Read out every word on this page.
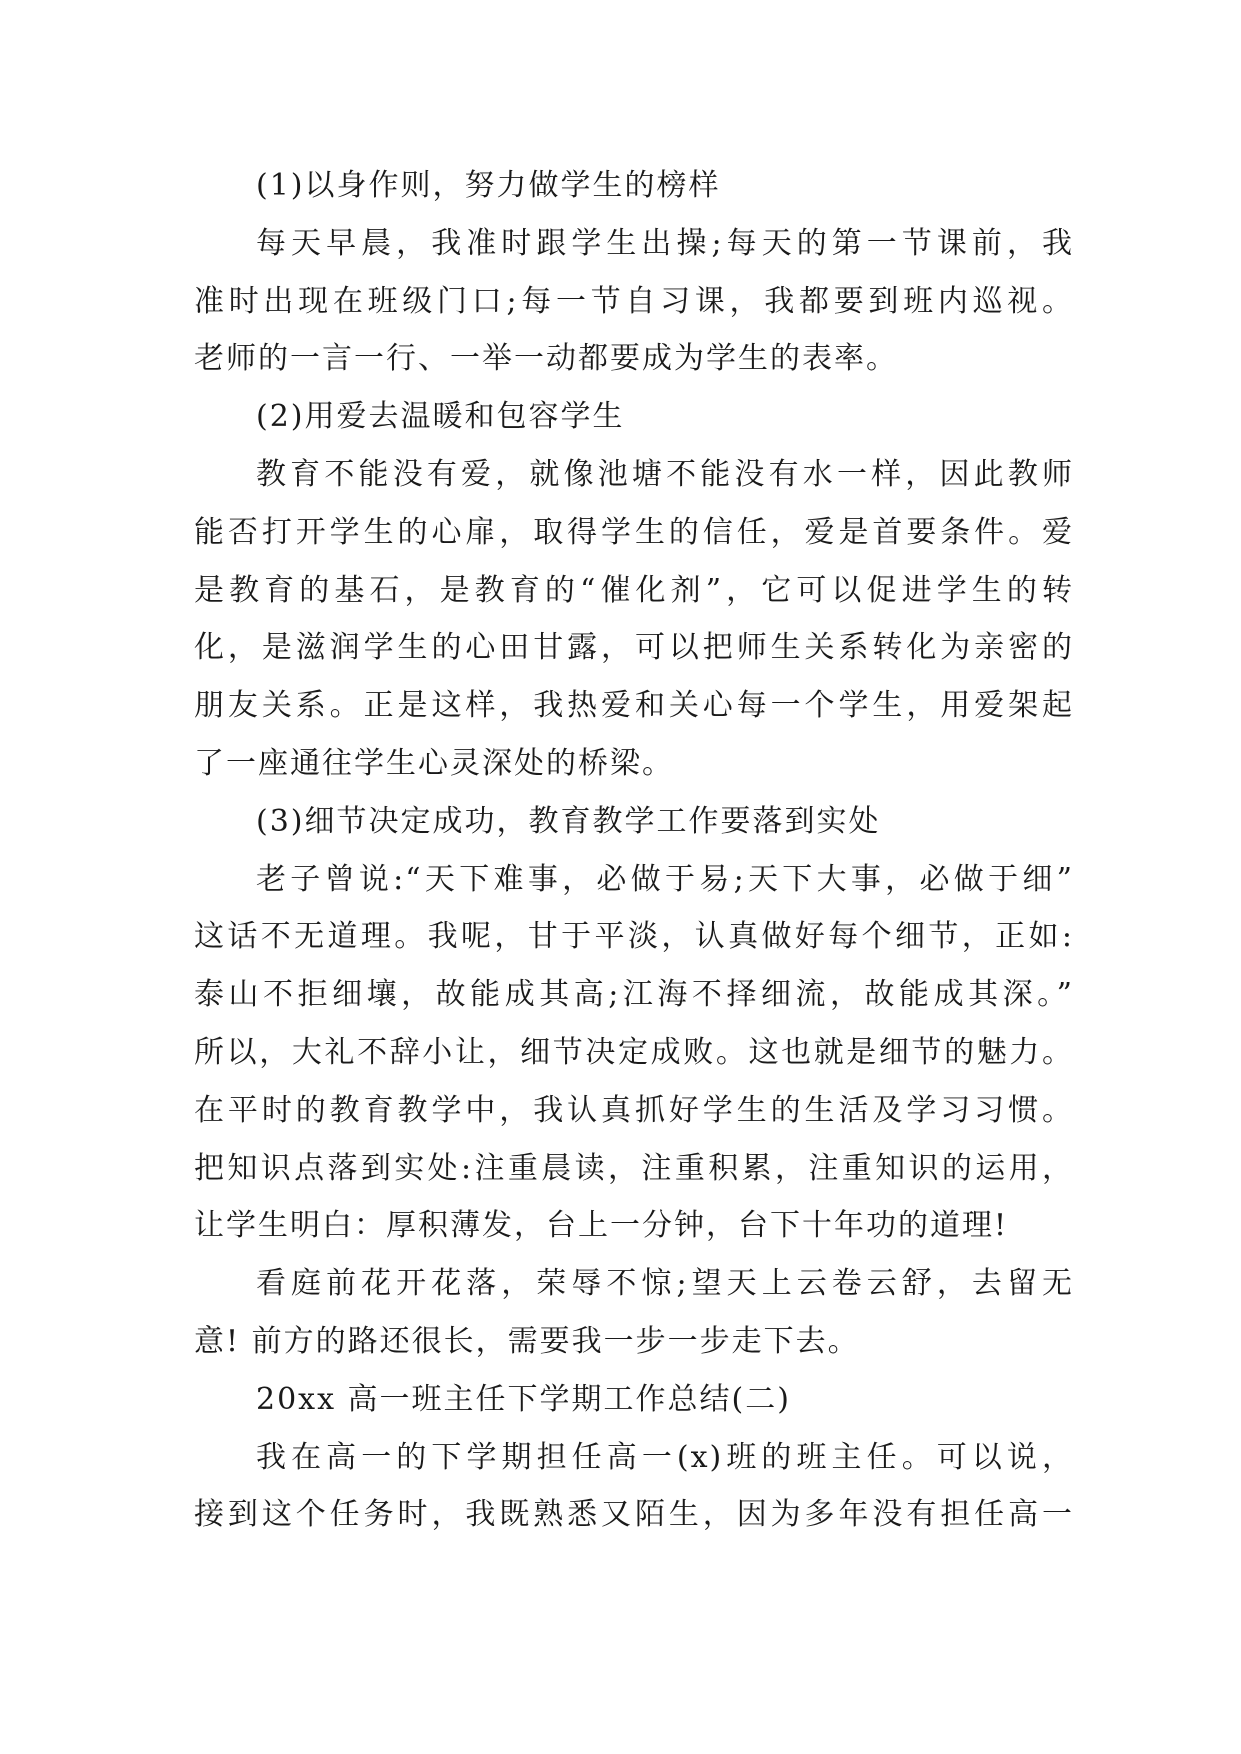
(1)以身作则，努力做学生的榜样
每天早晨，我准时跟学生出操;每天的第一节课前，我
准时出现在班级门口;每一节自习课，我都要到班内巡视。
老师的一言一行、一举一动都要成为学生的表率。
(2)用爱去温暖和包容学生
教育不能没有爱，就像池塘不能没有水一样，因此教师
能否打开学生的心扉，取得学生的信任，爱是首要条件。爱
是教育的基石，是教育的“催化剂”，它可以促进学生的转
化，是滋润学生的心田甘露，可以把师生关系转化为亲密的
朋友关系。正是这样，我热爱和关心每一个学生，用爱架起
了一座通往学生心灵深处的桥梁。
(3)细节决定成功，教育教学工作要落到实处
老子曾说:“天下难事，必做于易;天下大事，必做于细”
这话不无道理。我呢，甘于平淡，认真做好每个细节，正如:
泰山不拒细壤，故能成其高;江海不择细流，故能成其深。”
所以，大礼不辞小让，细节决定成败。这也就是细节的魅力。
在平时的教育教学中，我认真抓好学生的生活及学习习惯。
把知识点落到实处:注重晨读，注重积累，注重知识的运用，
让学生明白：厚积薄发，台上一分钟，台下十年功的道理!
看庭前花开花落，荣辱不惊;望天上云卷云舒，去留无
意! 前方的路还很长，需要我一步一步走下去。
20xx 高一班主任下学期工作总结(二)
我在高一的下学期担任高一(x)班的班主任。可以说，
接到这个任务时，我既熟悉又陌生，因为多年没有担任高一
